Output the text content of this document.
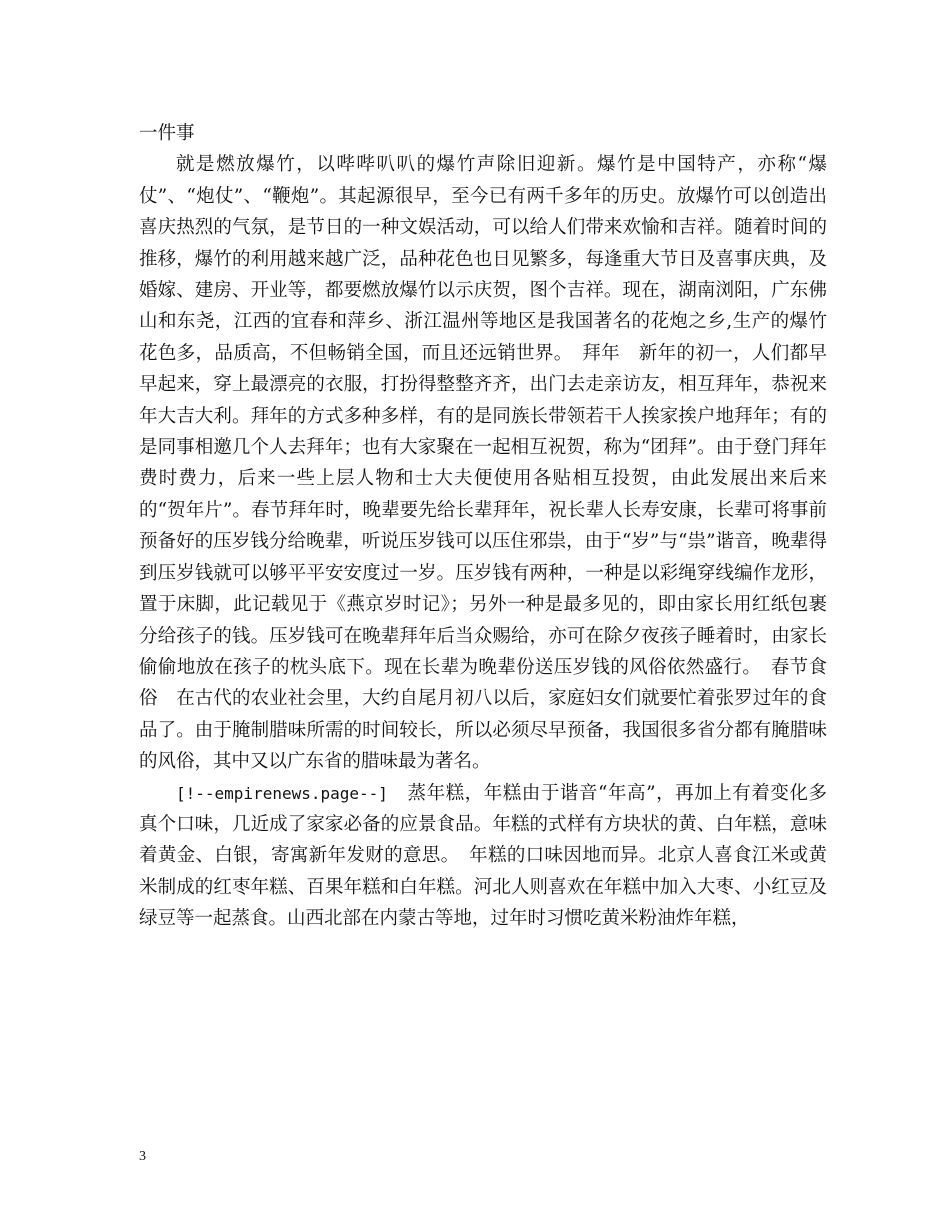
一件事

就是燃放爆竹，以哔哔叭叭的爆竹声除旧迎新。爆竹是中国特产，亦称“爆仗”、“炮仗”、“鞭炮”。其起源很早，至今已有两千多年的历史。放爆竹可以创造出喜庆热烈的气氛，是节日的一种文娱活动，可以给人们带来欢愉和吉祥。随着时间的推移，爆竹的利用越来越广泛，品种花色也日见繁多，每逢重大节日及喜事庆典，及婚嫁、建房、开业等，都要燃放爆竹以示庆贺，图个吉祥。现在，湖南浏阳，广东佛山和东尧，江西的宜春和萍乡、浙江温州等地区是我国著名的花炮之乡,生产的爆竹花色多，品质高，不但畅销全国，而且还远销世界。　拜年　新年的初一，人们都早早起来，穿上最漂亮的衣服，打扮得整整齐齐，出门去走亲访友，相互拜年，恭祝来年大吉大利。拜年的方式多种多样，有的是同族长带领若干人挨家挨户地拜年；有的是同事相邀几个人去拜年；也有大家聚在一起相互祝贺，称为“团拜”。由于登门拜年费时费力，后来一些上层人物和士大夫便使用各贴相互投贺，由此发展出来后来的“贺年片”。春节拜年时，晚辈要先给长辈拜年，祝长辈人长寿安康，长辈可将事前预备好的压岁钱分给晚辈，听说压岁钱可以压住邪祟，由于“岁”与“祟”谐音，晚辈得到压岁钱就可以够平平安安度过一岁。压岁钱有两种，一种是以彩绳穿线编作龙形，置于床脚，此记载见于《燕京岁时记》；另外一种是最多见的，即由家长用红纸包裹分给孩子的钱。压岁钱可在晚辈拜年后当众赐给，亦可在除夕夜孩子睡着时，由家长偷偷地放在孩子的枕头底下。现在长辈为晚辈份送压岁钱的风俗依然盛行。　春节食俗　在古代的农业社会里，大约自尾月初八以后，家庭妇女们就要忙着张罗过年的食品了。由于腌制腊味所需的时间较长，所以必须尽早预备，我国很多省分都有腌腊味的风俗，其中又以广东省的腊味最为著名。

[!--empirenews.page--]　蒸年糕，年糕由于谐音“年高”，再加上有着变化多真个口味，几近成了家家必备的应景食品。年糕的式样有方块状的黄、白年糕，意味着黄金、白银，寄寓新年发财的意思。　年糕的口味因地而异。北京人喜食江米或黄米制成的红枣年糕、百果年糕和白年糕。河北人则喜欢在年糕中加入大枣、小红豆及绿豆等一起蒸食。山西北部在内蒙古等地，过年时习惯吃黄米粉油炸年糕，

3
